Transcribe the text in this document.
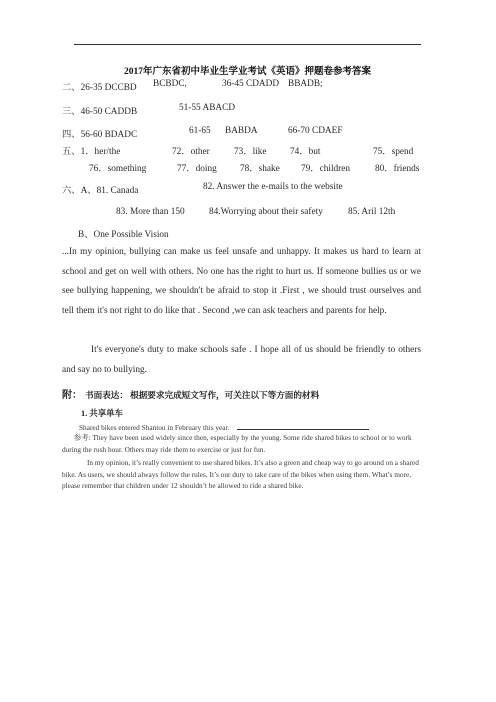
2017年广东省初中毕业生学业考试《英语》押题卷参考答案
二、26-35 DCCBD BCBDC,	36-45 CDADD BBADB;
三、46-50 CADDB	51-55 ABACD
四、56-60 BDADC	61-65 BABDA	66-70 CDAEF
五、1．her/the	72．other	73．like	74．but	75．spend
76．something	77．doing 78．shake 79．children	80．friends
六、A、81. Canada	82. Answer the e-mails to the website
83. More than 150	84.Worrying about their safety	85. Aril 12th
B、One Possible Vision
...In my opinion, bullying can make us feel unsafe and unhappy. It makes us hard to learn at school and get on well with others. No one has the right to hurt us. If someone bullies us or we see bullying happening, we shouldn't be afraid to stop it .First , we should trust ourselves and tell them it's not right to do like that . Second ,we can ask teachers and parents for help.
It's everyone's duty to make schools safe . I hope all of us should be friendly to others and say no to bullying.
附： 书面表达： 根据要求完成短文写作，可关注以下等方面的材料
1. 共享单车
Shared bikes entered Shantou in February this year.
参考: They have been used widely since then, especially by the young. Some ride shared bikes to school or to work during the rush hour. Others may ride them to exercise or just for fun.
In my opinion, it’s really convenient to use shared bikes. It’s also a green and cheap way to go around on a shared bike. As users, we should always follow the rules. It’s our duty to take care of the bikes when using them. What’s more, please remember that children under 12 shouldn’t be allowed to ride a shared bike.
